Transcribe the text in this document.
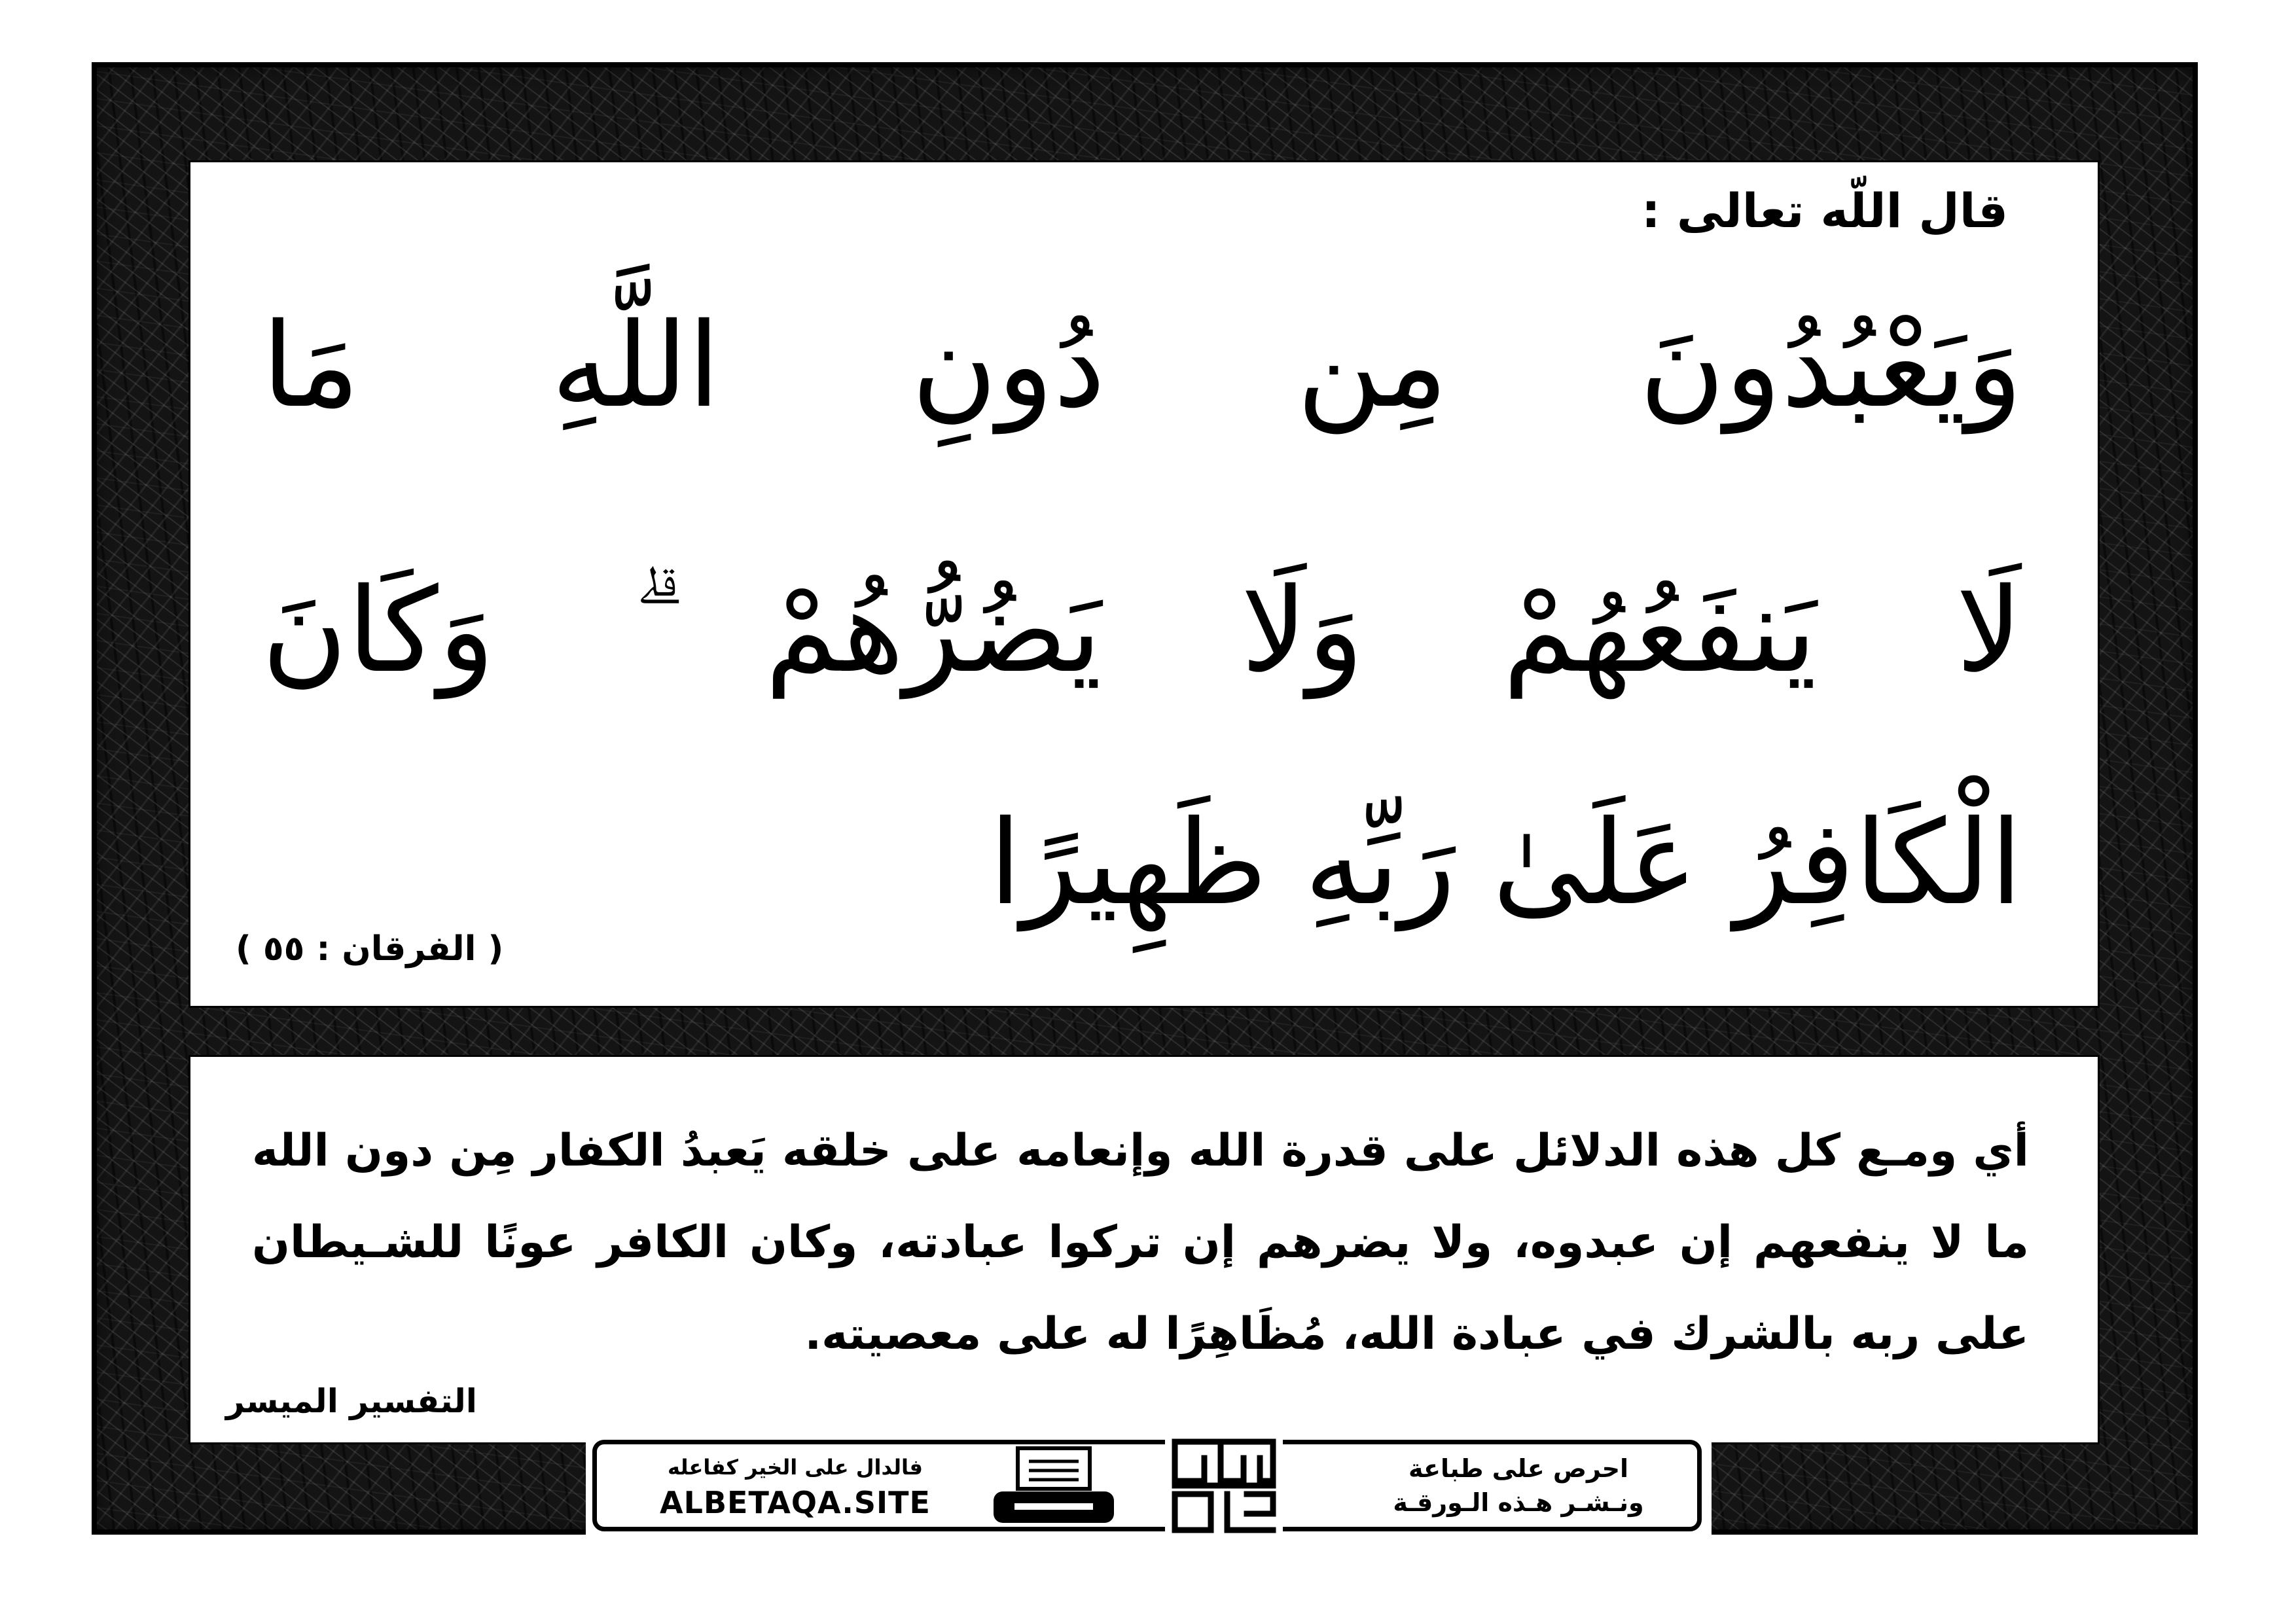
قال اللّه تعالى :
وَيَعْبُدُونَ مِن دُونِ اللَّهِ مَا
لَا يَنفَعُهُمْ وَلَا يَضُرُّهُمْ ۗ وَكَانَ
الْكَافِرُ عَلَىٰ رَبِّهِ ظَهِيرًا
( الفرقان : ٥٥ )
أي ومـع كل هذه الدلائل على قدرة الله وإنعامه على خلقه يَعبدُ الكفار مِن دون الله
ما لا ينفعهم إن عبدوه، ولا يضرهم إن تركوا عبادته، وكان الكافر عونًا للشـيطان
على ربه بالشرك في عبادة الله، مُظَاهِرًا له على معصيته.
التفسير الميسر
احرص على طباعة
ونـشـر هـذه الـورقـة
فالدال على الخير كفاعله
ALBETAQA.SITE
